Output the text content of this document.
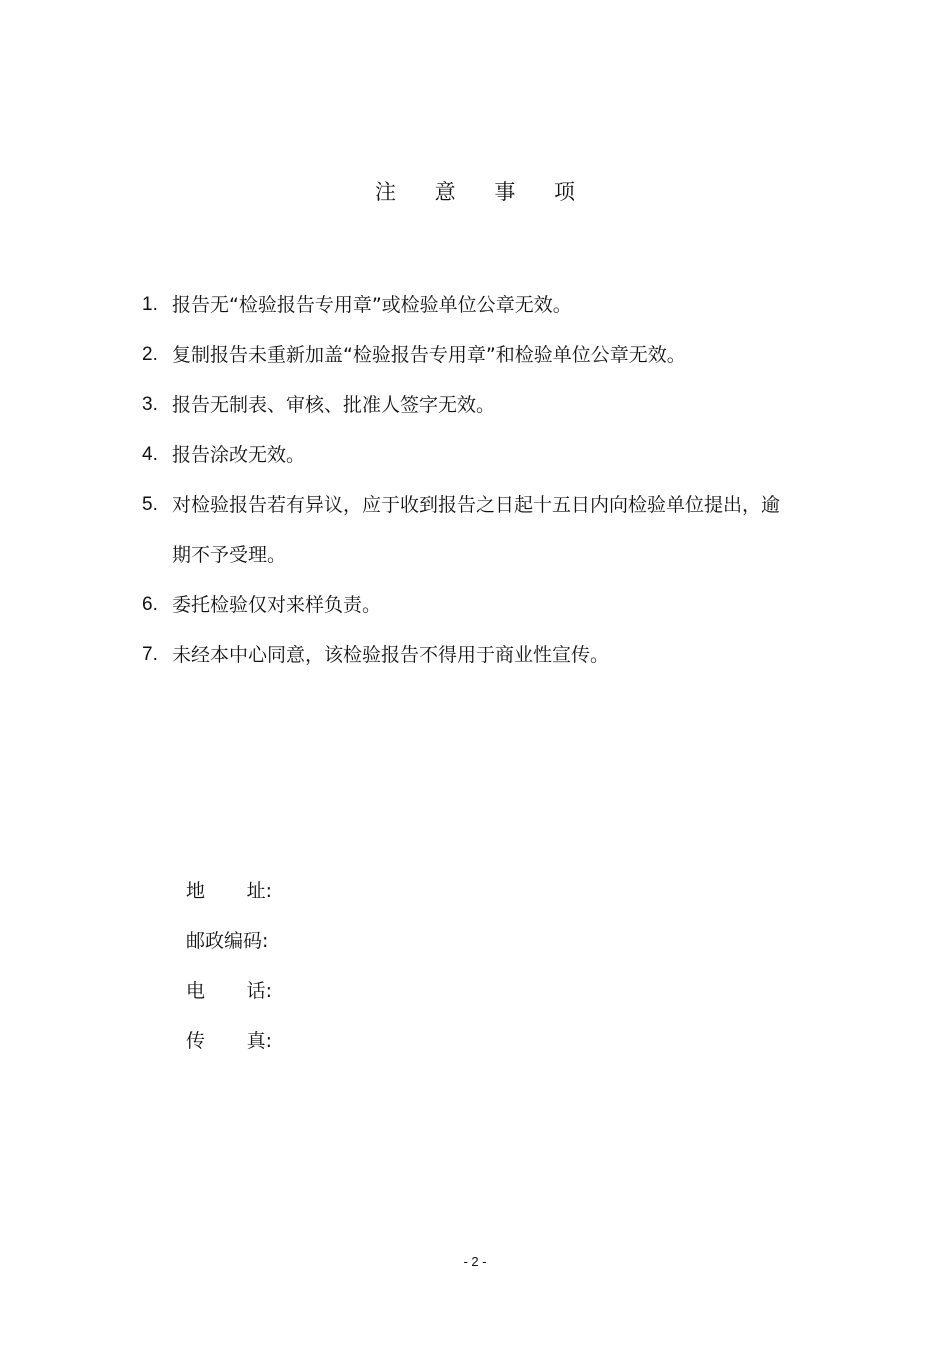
注 意 事 项
1. 报告无“检验报告专用章”或检验单位公章无效。
2. 复制报告未重新加盖“检验报告专用章”和检验单位公章无效。
3. 报告无制表、审核、批准人签字无效。
4. 报告涂改无效。
5. 对检验报告若有异议，应于收到报告之日起十五日内向检验单位提出，逾期不予受理。
6. 委托检验仅对来样负责。
7. 未经本中心同意，该检验报告不得用于商业性宣传。
地 址:
邮政编码:
电 话:
传 真:
- 2 -
